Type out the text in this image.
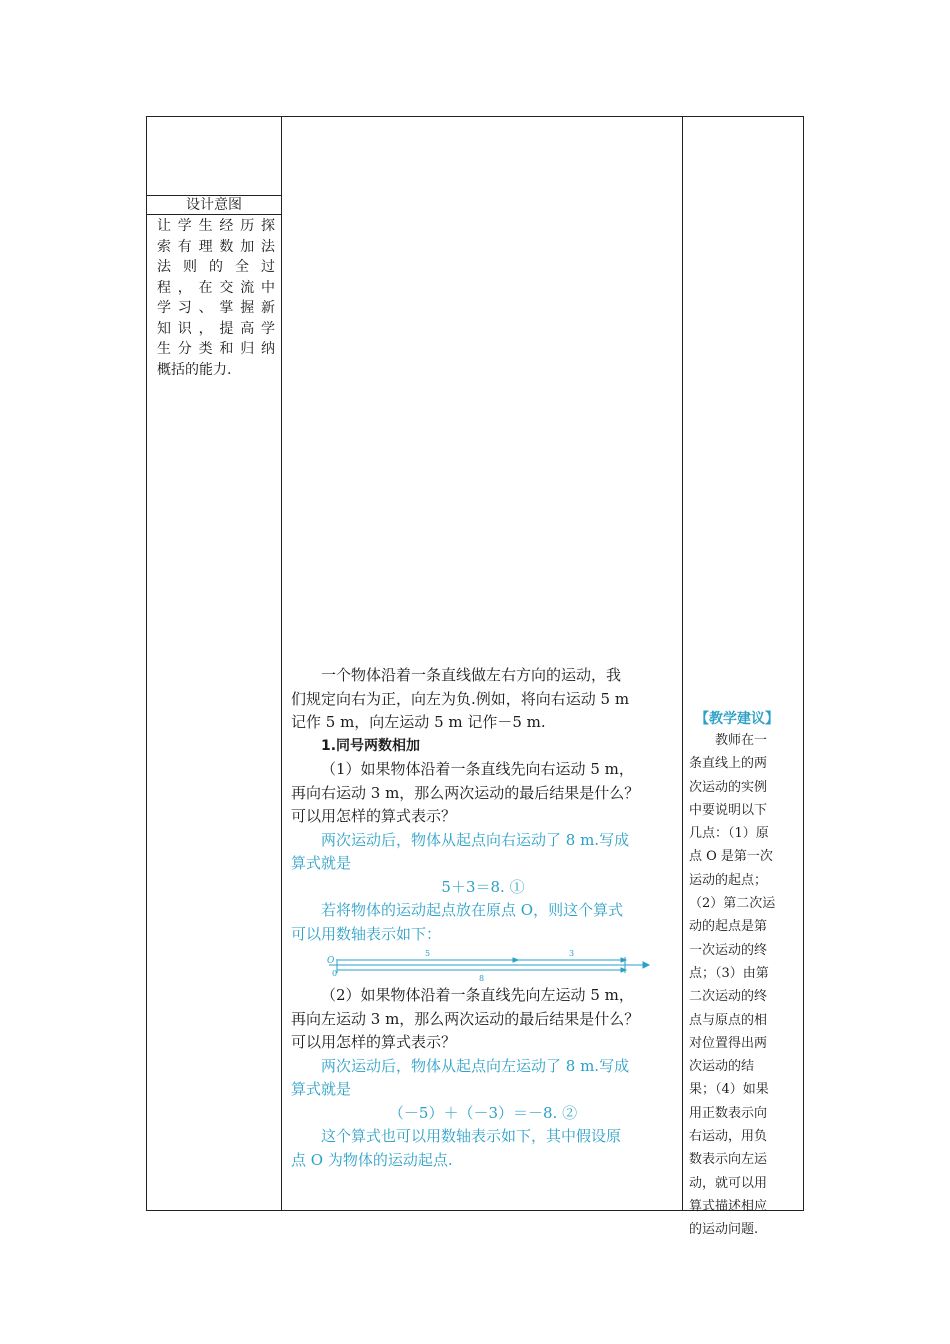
设计意图
让学生经历探
索有理数加法
法则的全过
程，在交流中
学习、掌握新
知识，提高学
生分类和归纳
概括的能力.

一个物体沿着一条直线做左右方向的运动，我

们规定向右为正，向左为负.例如，将向右运动 5 m

记作 5 m，向左运动 5 m 记作－5 m.

1.同号两数相加

（1）如果物体沿着一条直线先向右运动 5 m，

再向右运动 3 m，那么两次运动的最后结果是什么？

可以用怎样的算式表示？

两次运动后，物体从起点向右运动了 8 m.写成

算式就是

5＋3＝8. ①

若将物体的运动起点放在原点 O，则这个算式

可以用数轴表示如下：

O
0
5	3
8

（2）如果物体沿着一条直线先向左运动 5 m，

再向左运动 3 m，那么两次运动的最后结果是什么？

可以用怎样的算式表示？

两次运动后，物体从起点向左运动了 8 m.写成

算式就是

（－5）＋（－3）＝－8. ②

这个算式也可以用数轴表示如下，其中假设原

点 O 为物体的运动起点.

【教学建议】
教师在一
条直线上的两
次运动的实例
中要说明以下
几点：（1）原
点 O 是第一次
运动的起点；
（2）第二次运
动的起点是第
一次运动的终
点；（3）由第
二次运动的终
点与原点的相
对位置得出两
次运动的结
果；（4）如果
用正数表示向
右运动，用负
数表示向左运
动，就可以用
算式描述相应
的运动问题.
